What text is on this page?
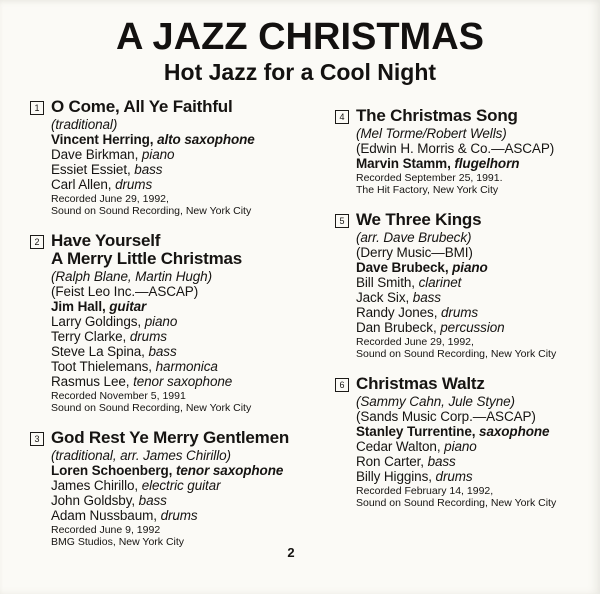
A JAZZ CHRISTMAS
Hot Jazz for a Cool Night
1 O Come, All Ye Faithful
(traditional)
Vincent Herring, alto saxophone
Dave Birkman, piano
Essiet Essiet, bass
Carl Allen, drums
Recorded June 29, 1992,
Sound on Sound Recording, New York City
2 Have Yourself
A Merry Little Christmas
(Ralph Blane, Martin Hugh)
(Feist Leo Inc.—ASCAP)
Jim Hall, guitar
Larry Goldings, piano
Terry Clarke, drums
Steve La Spina, bass
Toot Thielemans, harmonica
Rasmus Lee, tenor saxophone
Recorded November 5, 1991
Sound on Sound Recording, New York City
3 God Rest Ye Merry Gentlemen
(traditional, arr. James Chirillo)
Loren Schoenberg, tenor saxophone
James Chirillo, electric guitar
John Goldsby, bass
Adam Nussbaum, drums
Recorded June 9, 1992
BMG Studios, New York City
4 The Christmas Song
(Mel Torme/Robert Wells)
(Edwin H. Morris & Co.—ASCAP)
Marvin Stamm, flugelhorn
Recorded September 25, 1991.
The Hit Factory, New York City
5 We Three Kings
(arr. Dave Brubeck)
(Derry Music—BMI)
Dave Brubeck, piano
Bill Smith, clarinet
Jack Six, bass
Randy Jones, drums
Dan Brubeck, percussion
Recorded June 29, 1992,
Sound on Sound Recording, New York City
6 Christmas Waltz
(Sammy Cahn, Jule Styne)
(Sands Music Corp.—ASCAP)
Stanley Turrentine, saxophone
Cedar Walton, piano
Ron Carter, bass
Billy Higgins, drums
Recorded February 14, 1992,
Sound on Sound Recording, New York City
2
